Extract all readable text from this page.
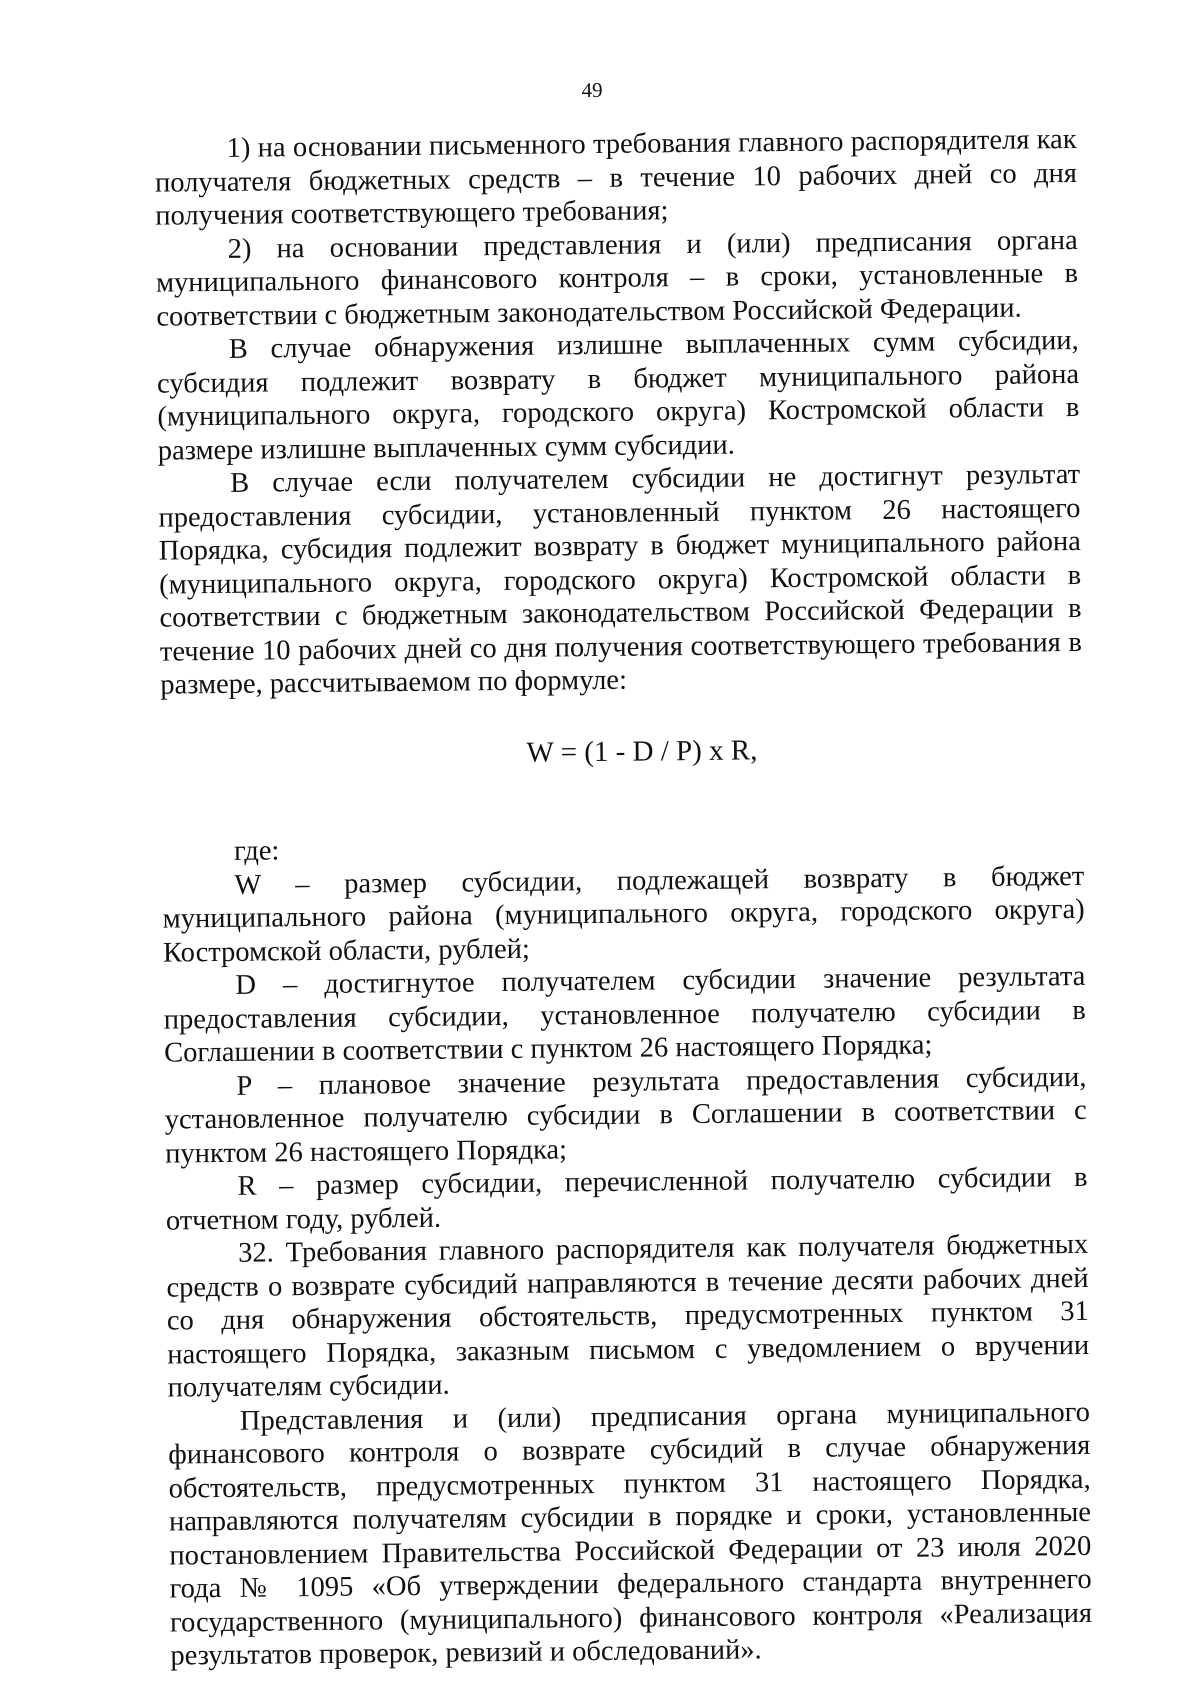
49

1) на основании письменного требования главного распорядителя как получателя бюджетных средств – в течение 10 рабочих дней со дня получения соответствующего требования;

2) на основании представления и (или) предписания органа муниципального финансового контроля – в сроки, установленные в соответствии с бюджетным законодательством Российской Федерации.

В случае обнаружения излишне выплаченных сумм субсидии, субсидия подлежит возврату в бюджет муниципального района (муниципального округа, городского округа) Костромской области в размере излишне выплаченных сумм субсидии.

В случае если получателем субсидии не достигнут результат предоставления субсидии, установленный пунктом 26 настоящего Порядка, субсидия подлежит возврату в бюджет муниципального района (муниципального округа, городского округа) Костромской области в соответствии с бюджетным законодательством Российской Федерации в течение 10 рабочих дней со дня получения соответствующего требования в размере, рассчитываемом по формуле:

W = (1 - D / P) x R,

где:

W – размер субсидии, подлежащей возврату в бюджет муниципального района (муниципального округа, городского округа) Костромской области, рублей;

D – достигнутое получателем субсидии значение результата предоставления субсидии, установленное получателю субсидии в Соглашении в соответствии с пунктом 26 настоящего Порядка;

P – плановое значение результата предоставления субсидии, установленное получателю субсидии в Соглашении в соответствии с пунктом 26 настоящего Порядка;

R – размер субсидии, перечисленной получателю субсидии в отчетном году, рублей.

32. Требования главного распорядителя как получателя бюджетных средств о возврате субсидий направляются в течение десяти рабочих дней со дня обнаружения обстоятельств, предусмотренных пунктом 31 настоящего Порядка, заказным письмом с уведомлением о вручении получателям субсидии.

Представления и (или) предписания органа муниципального финансового контроля о возврате субсидий в случае обнаружения обстоятельств, предусмотренных пунктом 31 настоящего Порядка, направляются получателям субсидии в порядке и сроки, установленные постановлением Правительства Российской Федерации от 23 июля 2020 года № 1095 «Об утверждении федерального стандарта внутреннего государственного (муниципального) финансового контроля «Реализация результатов проверок, ревизий и обследований».
